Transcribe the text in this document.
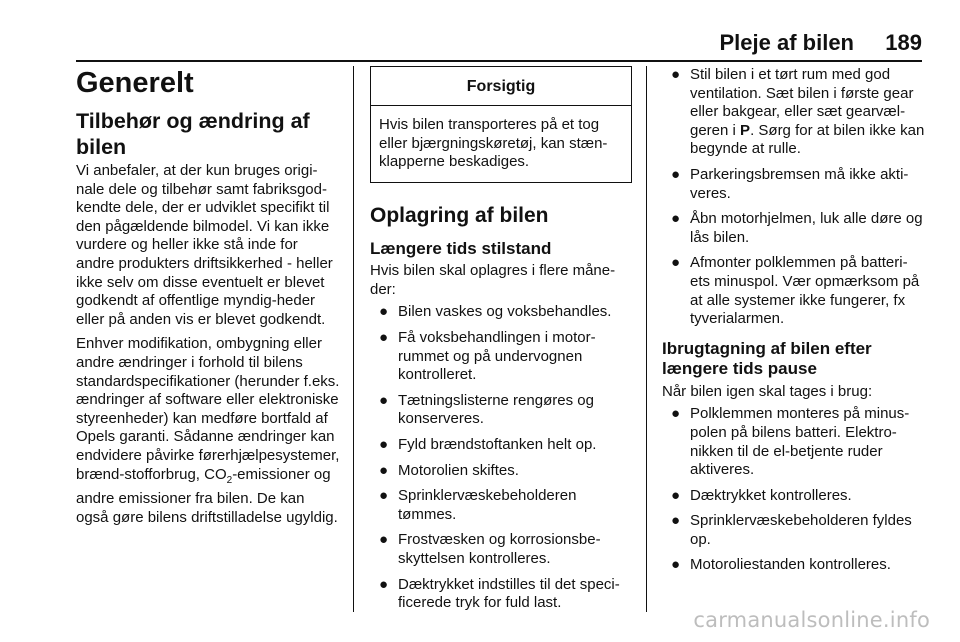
Pleje af bilen 189
Generelt
Tilbehør og ændring af bilen
Vi anbefaler, at der kun bruges origi-nale dele og tilbehør samt fabriksgod-kendte dele, der er udviklet specifikt til den pågældende bilmodel. Vi kan ikke vurdere og heller ikke stå inde for andre produkters driftsikkerhed - heller ikke selv om disse eventuelt er blevet godkendt af offentlige myndig-heder eller på anden vis er blevet godkendt.
Enhver modifikation, ombygning eller andre ændringer i forhold til bilens standardspecifikationer (herunder f.eks. ændringer af software eller elektroniske styreenheder) kan medføre bortfald af Opels garanti. Sådanne ændringer kan endvidere påvirke førerhjælpesystemer, brænd-stofforbrug, $CO_2$-emissioner og andre emissioner fra bilen. De kan også gøre bilens driftstilladelse ugyldig.
Forsigtig
Hvis bilen transporteres på et tog eller bjærgningskøretøj, kan stæn-klapperne beskadiges.
Oplagring af bilen
Længere tids stilstand
Hvis bilen skal oplagres i flere måne-der:
● Bilen vaskes og voksbehandles.
● Få voksbehandlingen i motor-rummet og på undervognen kontrolleret.
● Tætningslisterne rengøres og konserveres.
● Fyld brændstoftanken helt op.
● Motorolien skiftes.
● Sprinklervæskebeholderen tømmes.
● Frostvæsken og korrosionsbe-skyttelsen kontrolleres.
● Dæktrykket indstilles til det speci-ficerede tryk for fuld last.
● Stil bilen i et tørt rum med god ventilation. Sæt bilen i første gear eller bakgear, eller sæt gearvæl-geren i P. Sørg for at bilen ikke kan begynde at rulle.
● Parkeringsbremsen må ikke akti-veres.
● Åbn motorhjelmen, luk alle døre og lås bilen.
● Afmonter polklemmen på batteri-ets minuspol. Vær opmærksom på at alle systemer ikke fungerer, fx tyverialarmen.
Ibrugtagning af bilen efter længere tids pause
Når bilen igen skal tages i brug:
● Polklemmen monteres på minus-polen på bilens batteri. Elektro-nikken til de el-betjente ruder aktiveres.
● Dæktrykket kontrolleres.
● Sprinklervæskebeholderen fyldes op.
● Motoroliestanden kontrolleres.
carmanualsonline.info
